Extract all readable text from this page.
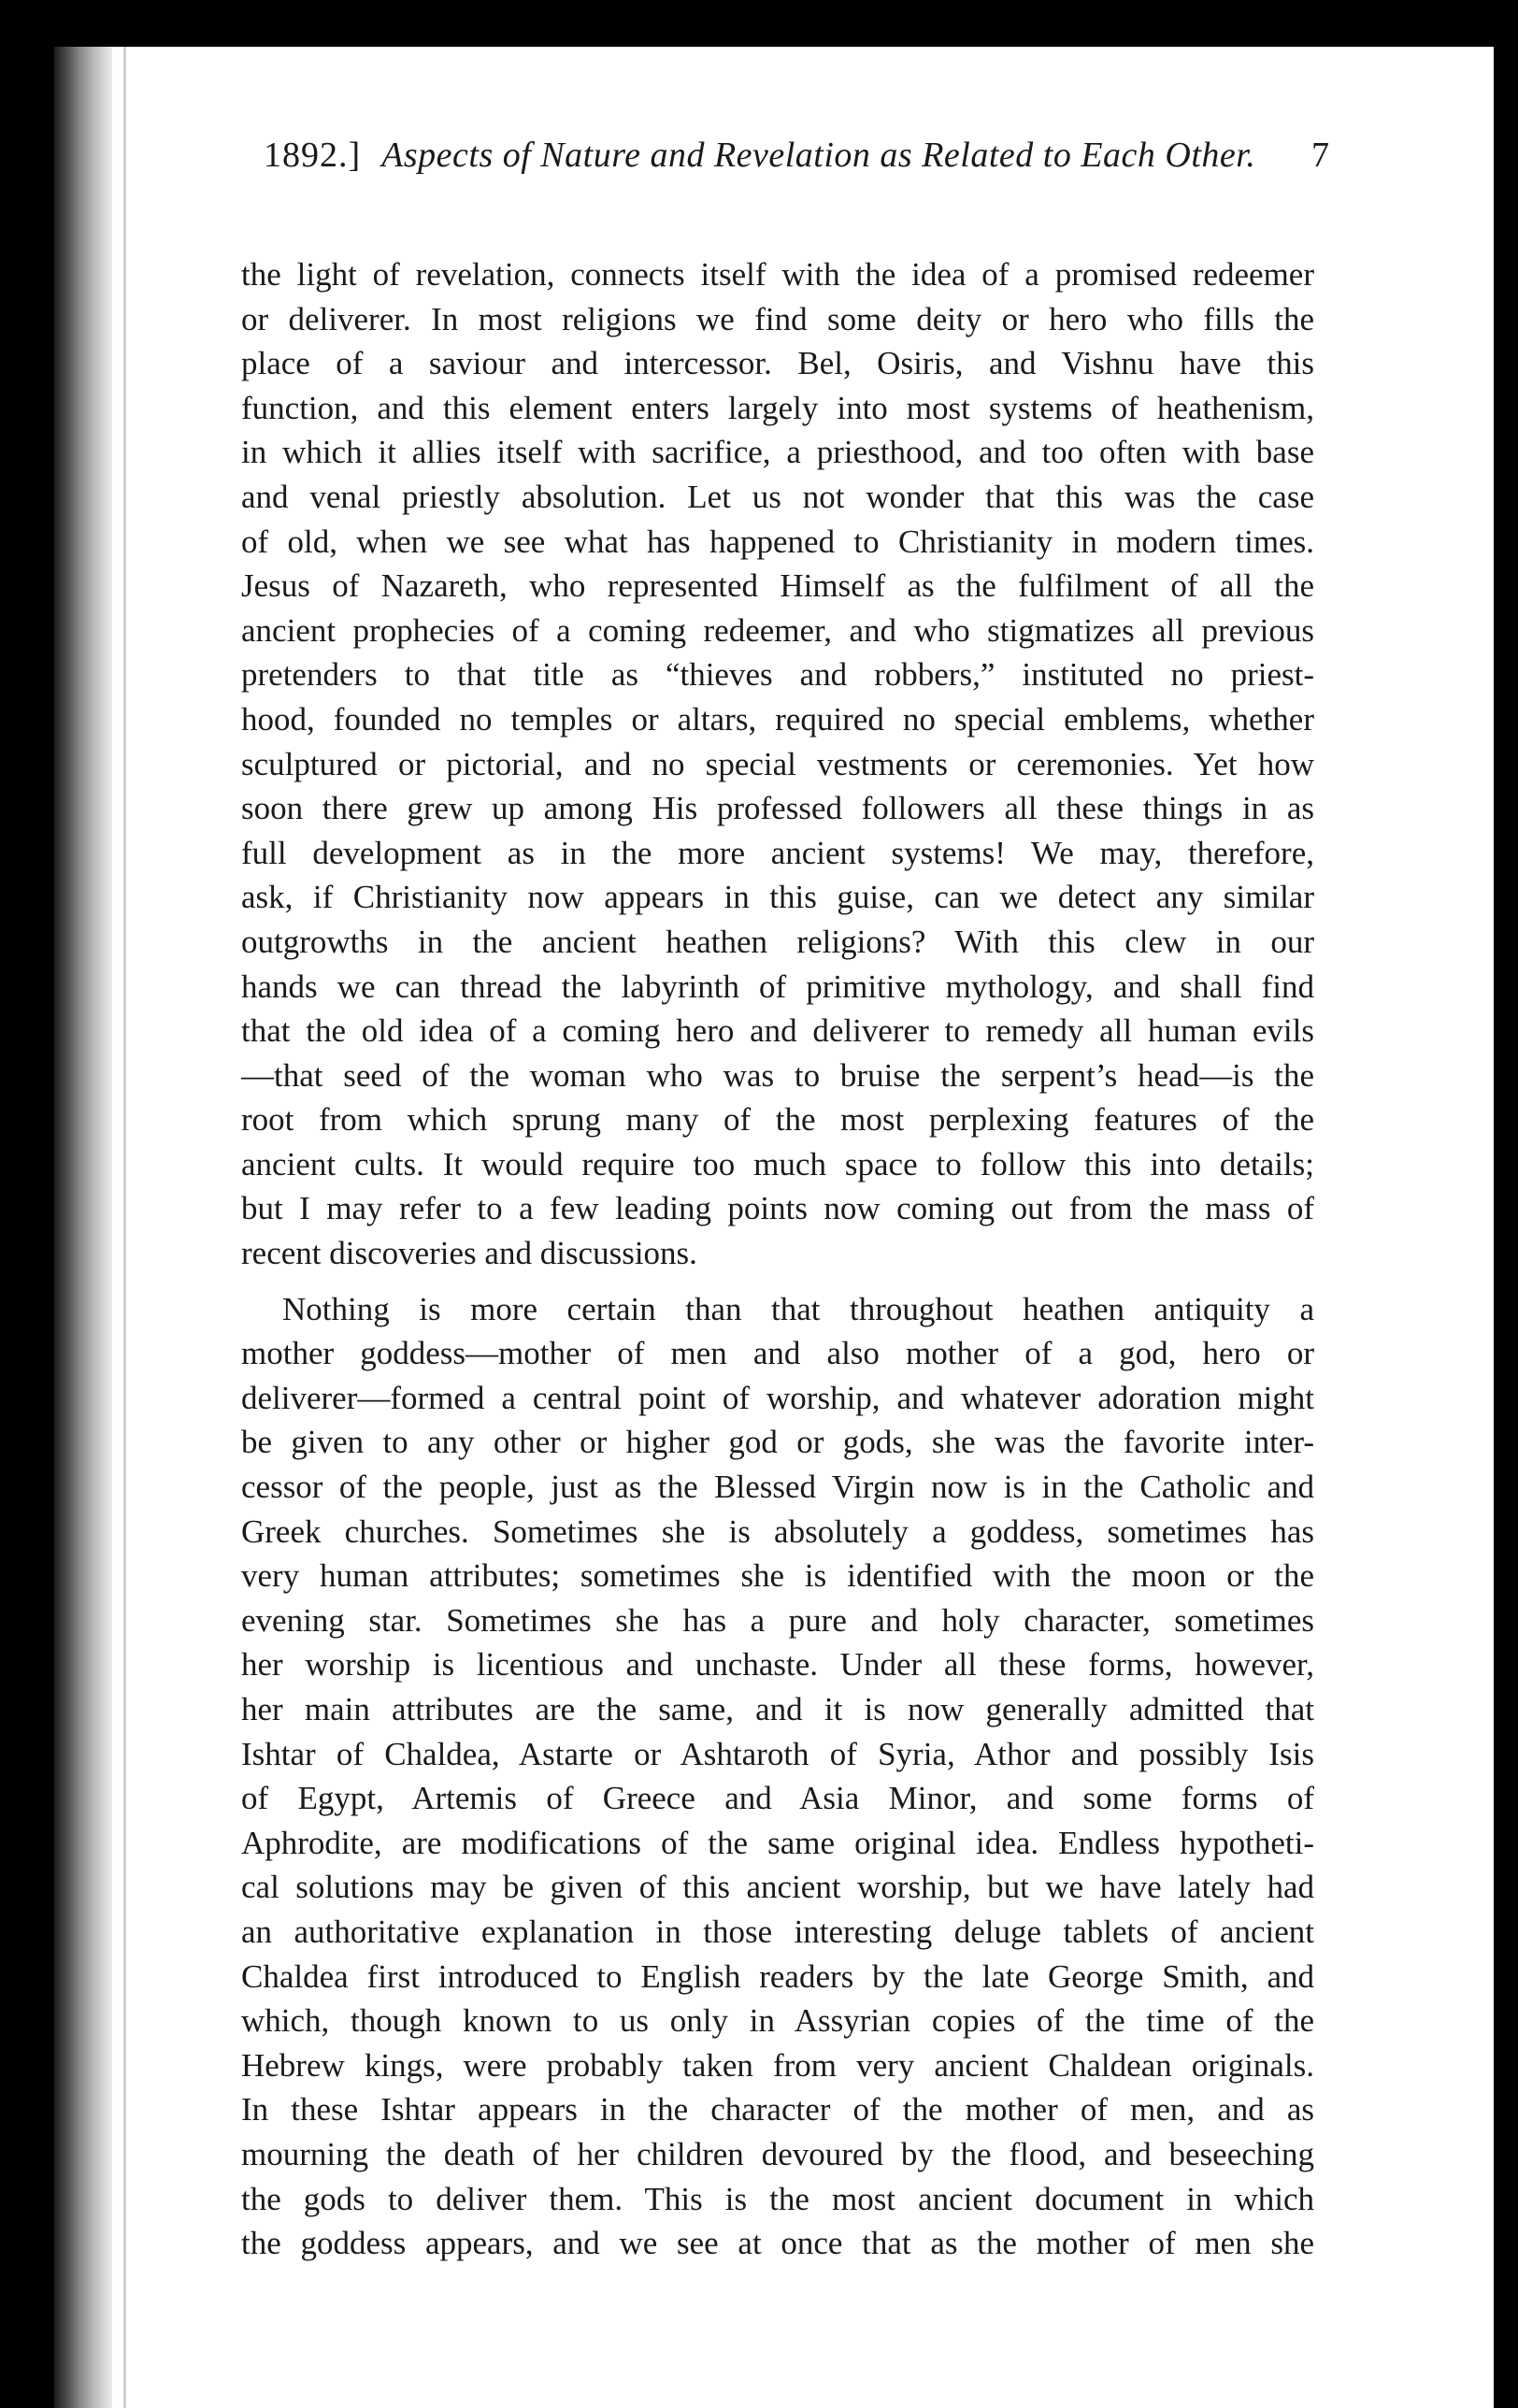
1892.] Aspects of Nature and Revelation as Related to Each Other. 7
the light of revelation, connects itself with the idea of a promised redeemer
or deliverer. In most religions we find some deity or hero who fills the
place of a saviour and intercessor. Bel, Osiris, and Vishnu have this
function, and this element enters largely into most systems of heathenism,
in which it allies itself with sacrifice, a priesthood, and too often with base
and venal priestly absolution. Let us not wonder that this was the case
of old, when we see what has happened to Christianity in modern times.
Jesus of Nazareth, who represented Himself as the fulfilment of all the
ancient prophecies of a coming redeemer, and who stigmatizes all previous
pretenders to that title as “thieves and robbers,” instituted no priest-
hood, founded no temples or altars, required no special emblems, whether
sculptured or pictorial, and no special vestments or ceremonies. Yet how
soon there grew up among His professed followers all these things in as
full development as in the more ancient systems! We may, therefore,
ask, if Christianity now appears in this guise, can we detect any similar
outgrowths in the ancient heathen religions? With this clew in our
hands we can thread the labyrinth of primitive mythology, and shall find
that the old idea of a coming hero and deliverer to remedy all human evils
—that seed of the woman who was to bruise the serpent’s head—is the
root from which sprung many of the most perplexing features of the
ancient cults. It would require too much space to follow this into details;
but I may refer to a few leading points now coming out from the mass of
recent discoveries and discussions.
Nothing is more certain than that throughout heathen antiquity a
mother goddess—mother of men and also mother of a god, hero or
deliverer—formed a central point of worship, and whatever adoration might
be given to any other or higher god or gods, she was the favorite inter-
cessor of the people, just as the Blessed Virgin now is in the Catholic and
Greek churches. Sometimes she is absolutely a goddess, sometimes has
very human attributes; sometimes she is identified with the moon or the
evening star. Sometimes she has a pure and holy character, sometimes
her worship is licentious and unchaste. Under all these forms, however,
her main attributes are the same, and it is now generally admitted that
Ishtar of Chaldea, Astarte or Ashtaroth of Syria, Athor and possibly Isis
of Egypt, Artemis of Greece and Asia Minor, and some forms of
Aphrodite, are modifications of the same original idea. Endless hypotheti-
cal solutions may be given of this ancient worship, but we have lately had
an authoritative explanation in those interesting deluge tablets of ancient
Chaldea first introduced to English readers by the late George Smith, and
which, though known to us only in Assyrian copies of the time of the
Hebrew kings, were probably taken from very ancient Chaldean originals.
In these Ishtar appears in the character of the mother of men, and as
mourning the death of her children devoured by the flood, and beseeching
the gods to deliver them. This is the most ancient document in which
the goddess appears, and we see at once that as the mother of men she
